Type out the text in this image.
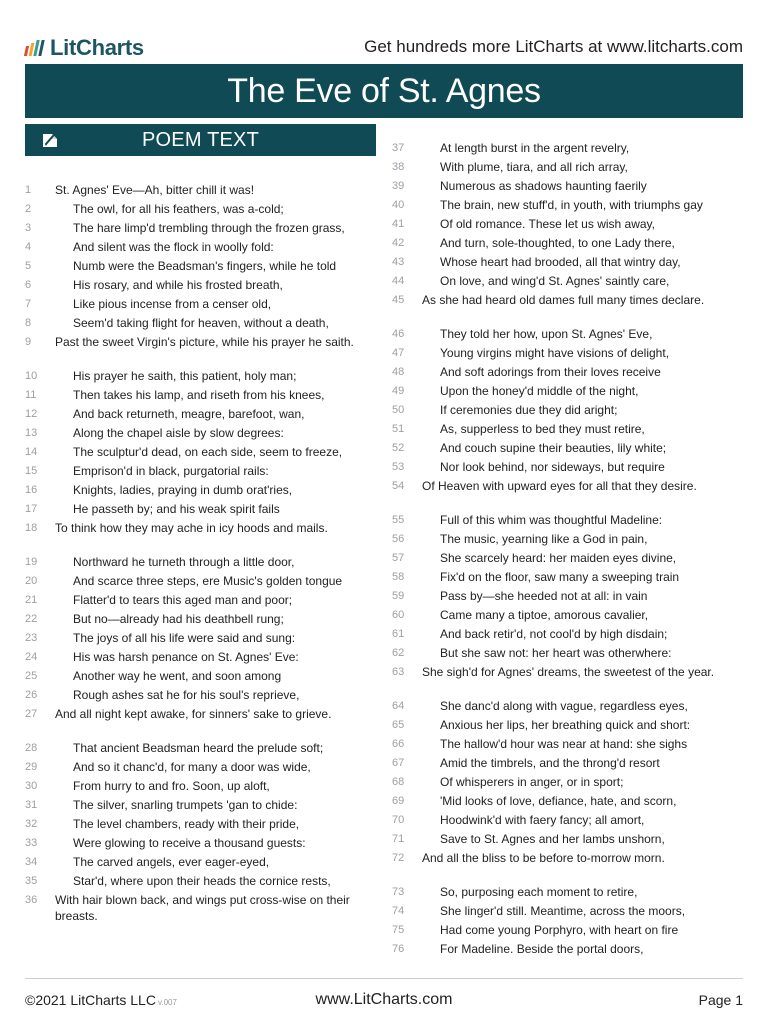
LitCharts	Get hundreds more LitCharts at www.litcharts.com
The Eve of St. Agnes
POEM TEXT
1	St. Agnes' Eve—Ah, bitter chill it was!
2	The owl, for all his feathers, was a-cold;
3	The hare limp'd trembling through the frozen grass,
4	And silent was the flock in woolly fold:
5	Numb were the Beadsman's fingers, while he told
6	His rosary, and while his frosted breath,
7	Like pious incense from a censer old,
8	Seem'd taking flight for heaven, without a death,
9	Past the sweet Virgin's picture, while his prayer he saith.
10	His prayer he saith, this patient, holy man;
11	Then takes his lamp, and riseth from his knees,
12	And back returneth, meagre, barefoot, wan,
13	Along the chapel aisle by slow degrees:
14	The sculptur'd dead, on each side, seem to freeze,
15	Emprison'd in black, purgatorial rails:
16	Knights, ladies, praying in dumb orat'ries,
17	He passeth by; and his weak spirit fails
18	To think how they may ache in icy hoods and mails.
19	Northward he turneth through a little door,
20	And scarce three steps, ere Music's golden tongue
21	Flatter'd to tears this aged man and poor;
22	But no—already had his deathbell rung;
23	The joys of all his life were said and sung:
24	His was harsh penance on St. Agnes' Eve:
25	Another way he went, and soon among
26	Rough ashes sat he for his soul's reprieve,
27	And all night kept awake, for sinners' sake to grieve.
28	That ancient Beadsman heard the prelude soft;
29	And so it chanc'd, for many a door was wide,
30	From hurry to and fro. Soon, up aloft,
31	The silver, snarling trumpets 'gan to chide:
32	The level chambers, ready with their pride,
33	Were glowing to receive a thousand guests:
34	The carved angels, ever eager-eyed,
35	Star'd, where upon their heads the cornice rests,
36	With hair blown back, and wings put cross-wise on their breasts.
37	At length burst in the argent revelry,
38	With plume, tiara, and all rich array,
39	Numerous as shadows haunting faerily
40	The brain, new stuff'd, in youth, with triumphs gay
41	Of old romance. These let us wish away,
42	And turn, sole-thoughted, to one Lady there,
43	Whose heart had brooded, all that wintry day,
44	On love, and wing'd St. Agnes' saintly care,
45	As she had heard old dames full many times declare.
46	They told her how, upon St. Agnes' Eve,
47	Young virgins might have visions of delight,
48	And soft adorings from their loves receive
49	Upon the honey'd middle of the night,
50	If ceremonies due they did aright;
51	As, supperless to bed they must retire,
52	And couch supine their beauties, lily white;
53	Nor look behind, nor sideways, but require
54	Of Heaven with upward eyes for all that they desire.
55	Full of this whim was thoughtful Madeline:
56	The music, yearning like a God in pain,
57	She scarcely heard: her maiden eyes divine,
58	Fix'd on the floor, saw many a sweeping train
59	Pass by—she heeded not at all: in vain
60	Came many a tiptoe, amorous cavalier,
61	And back retir'd, not cool'd by high disdain;
62	But she saw not: her heart was otherwhere:
63	She sigh'd for Agnes' dreams, the sweetest of the year.
64	She danc'd along with vague, regardless eyes,
65	Anxious her lips, her breathing quick and short:
66	The hallow'd hour was near at hand: she sighs
67	Amid the timbrels, and the throng'd resort
68	Of whisperers in anger, or in sport;
69	'Mid looks of love, defiance, hate, and scorn,
70	Hoodwink'd with faery fancy; all amort,
71	Save to St. Agnes and her lambs unshorn,
72	And all the bliss to be before to-morrow morn.
73	So, purposing each moment to retire,
74	She linger'd still. Meantime, across the moors,
75	Had come young Porphyro, with heart on fire
76	For Madeline. Beside the portal doors,
©2021 LitCharts LLC v.007	www.LitCharts.com	Page 1
